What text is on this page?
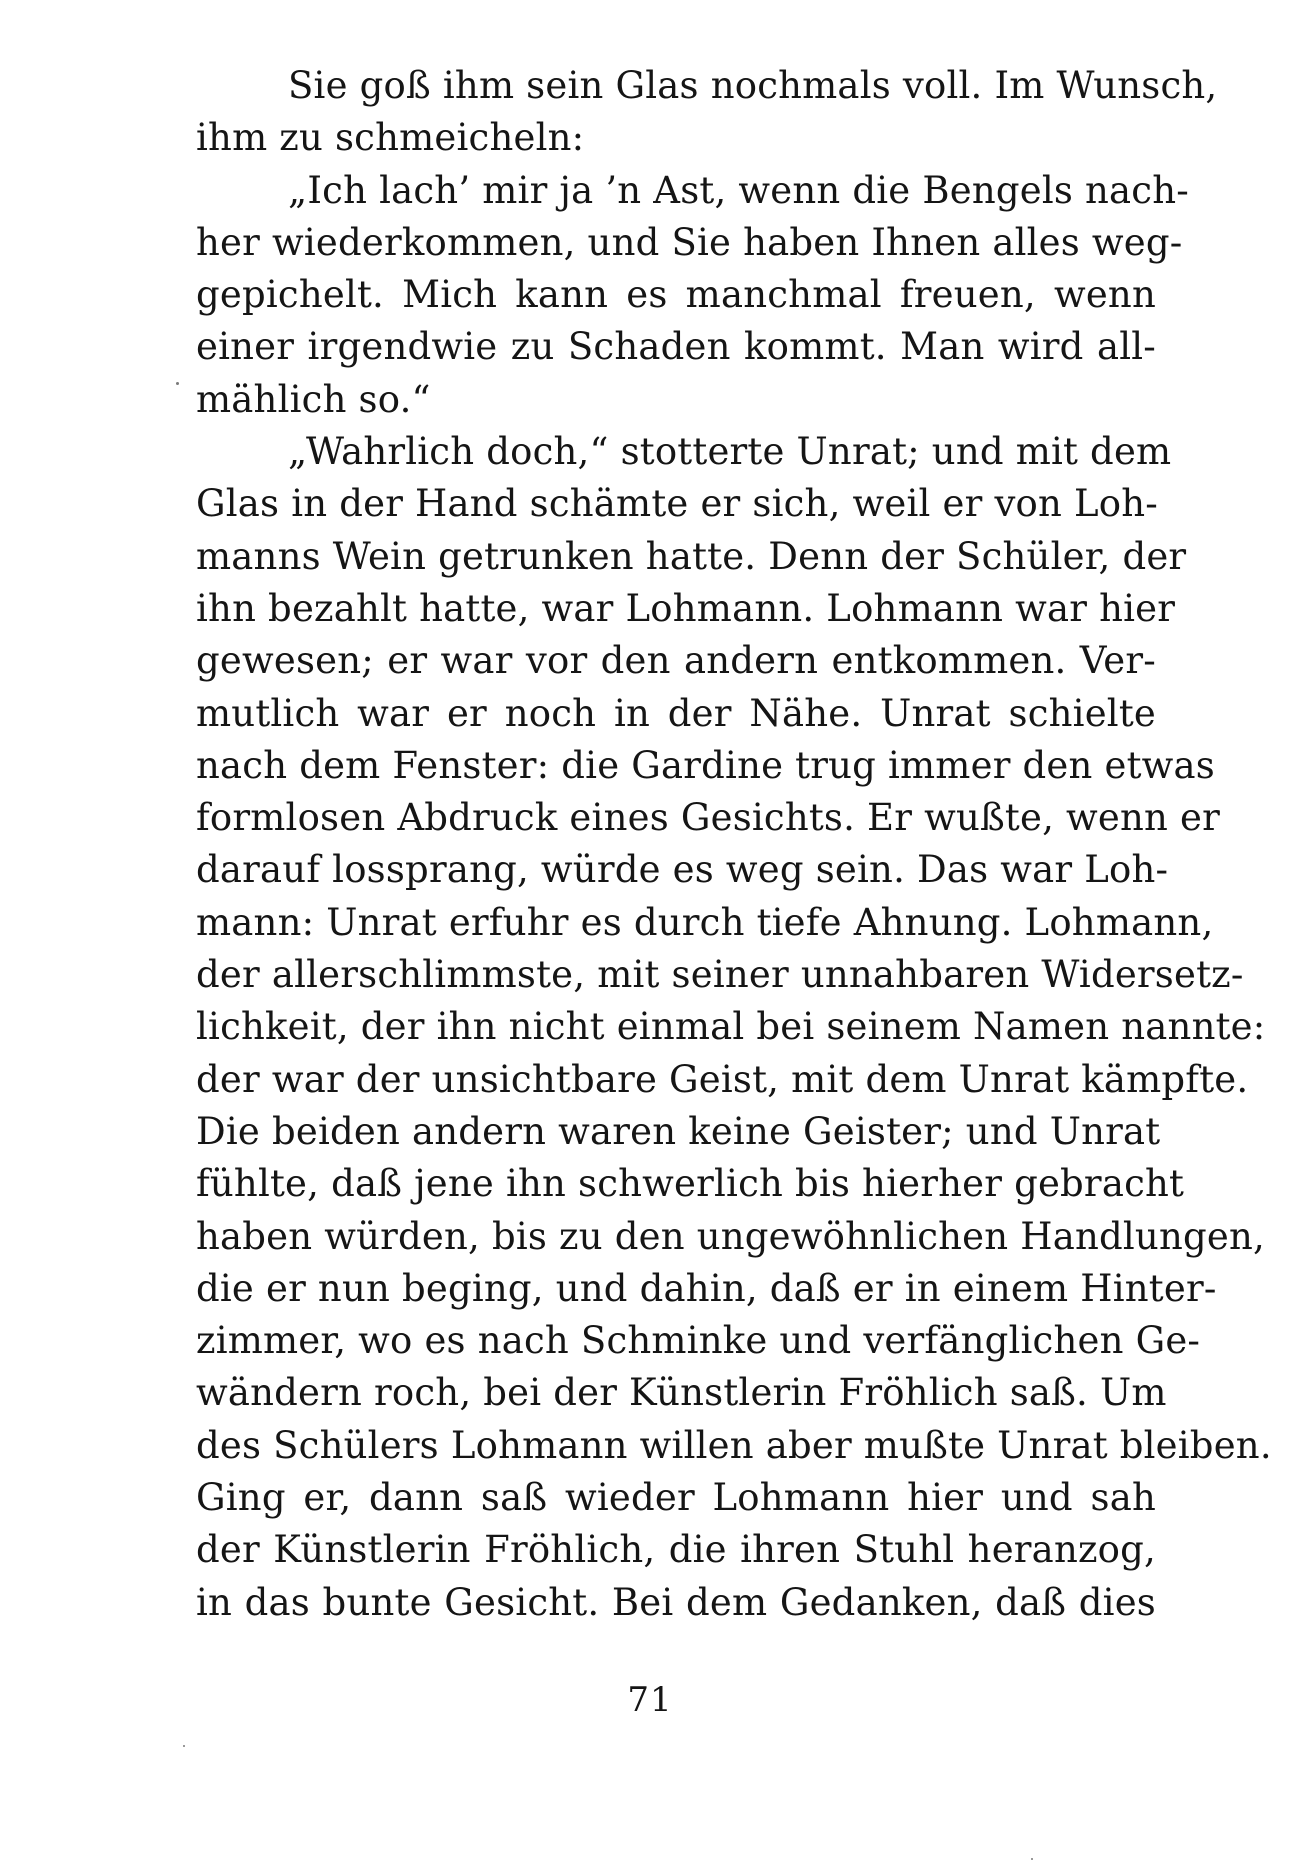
Sie goß ihm sein Glas nochmals voll. Im Wunsch,
ihm zu schmeicheln:
„Ich lach’ mir ja ’n Ast, wenn die Bengels nach-
her wiederkommen, und Sie haben Ihnen alles weg-
gepichelt. Mich kann es manchmal freuen, wenn
einer irgendwie zu Schaden kommt. Man wird all-
mählich so.“
„Wahrlich doch,“ stotterte Unrat; und mit dem
Glas in der Hand schämte er sich, weil er von Loh-
manns Wein getrunken hatte. Denn der Schüler, der
ihn bezahlt hatte, war Lohmann. Lohmann war hier
gewesen; er war vor den andern entkommen. Ver-
mutlich war er noch in der Nähe. Unrat schielte
nach dem Fenster: die Gardine trug immer den etwas
formlosen Abdruck eines Gesichts. Er wußte, wenn er
darauf lossprang, würde es weg sein. Das war Loh-
mann: Unrat erfuhr es durch tiefe Ahnung. Lohmann,
der allerschlimmste, mit seiner unnahbaren Widersetz-
lichkeit, der ihn nicht einmal bei seinem Namen nannte:
der war der unsichtbare Geist, mit dem Unrat kämpfte.
Die beiden andern waren keine Geister; und Unrat
fühlte, daß jene ihn schwerlich bis hierher gebracht
haben würden, bis zu den ungewöhnlichen Handlungen,
die er nun beging, und dahin, daß er in einem Hinter-
zimmer, wo es nach Schminke und verfänglichen Ge-
wändern roch, bei der Künstlerin Fröhlich saß. Um
des Schülers Lohmann willen aber mußte Unrat bleiben.
Ging er, dann saß wieder Lohmann hier und sah
der Künstlerin Fröhlich, die ihren Stuhl heranzog,
in das bunte Gesicht. Bei dem Gedanken, daß dies
71
